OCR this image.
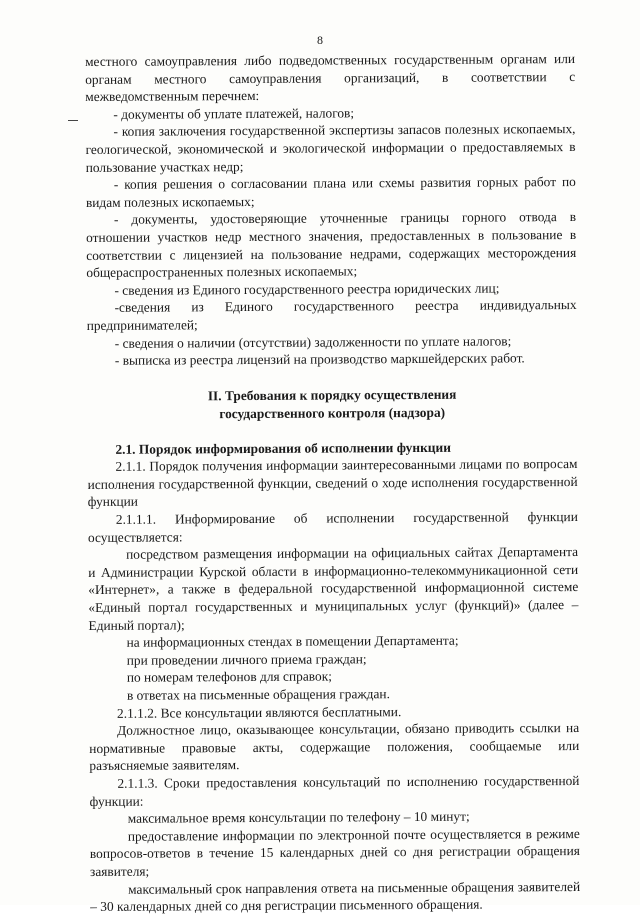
8

местного самоуправления либо подведомственных государственным органам или органам местного самоуправления организаций, в соответствии с межведомственным перечнем:

- документы об уплате платежей, налогов;

- копия заключения государственной экспертизы запасов полезных ископаемых, геологической, экономической и экологической информации о предоставляемых в пользование участках недр;

- копия решения о согласовании плана или схемы развития горных работ по видам полезных ископаемых;

- документы, удостоверяющие уточненные границы горного отвода в отношении участков недр местного значения, предоставленных в пользование в соответствии с лицензией на пользование недрами, содержащих месторождения общераспространенных полезных ископаемых;

- сведения из Единого государственного реестра юридических лиц;

-сведения из Единого государственного реестра индивидуальных предпринимателей;

- сведения о наличии (отсутствии) задолженности по уплате налогов;

- выписка из реестра лицензий на производство маркшейдерских работ.

II. Требования к порядку осуществления
государственного контроля (надзора)

2.1. Порядок информирования об исполнении функции

2.1.1. Порядок получения информации заинтересованными лицами по вопросам исполнения государственной функции, сведений о ходе исполнения государственной функции

2.1.1.1. Информирование об исполнении государственной функции осуществляется:

посредством размещения информации на официальных сайтах Департамента и Администрации Курской области в информационно-телекоммуникационной сети «Интернет», а также в федеральной государственной информационной системе «Единый портал государственных и муниципальных услуг (функций)» (далее – Единый портал);

на информационных стендах в помещении Департамента;

при проведении личного приема граждан;

по номерам телефонов для справок;

в ответах на письменные обращения граждан.

2.1.1.2. Все консультации являются бесплатными.

Должностное лицо, оказывающее консультации, обязано приводить ссылки на нормативные правовые акты, содержащие положения, сообщаемые или разъясняемые заявителям.

2.1.1.3. Сроки предоставления консультаций по исполнению государственной функции:

максимальное время консультации по телефону – 10 минут;

предоставление информации по электронной почте осуществляется в режиме вопросов-ответов в течение 15 календарных дней со дня регистрации обращения заявителя;

максимальный срок направления ответа на письменные обращения заявителей – 30 календарных дней со дня регистрации письменного обращения.
